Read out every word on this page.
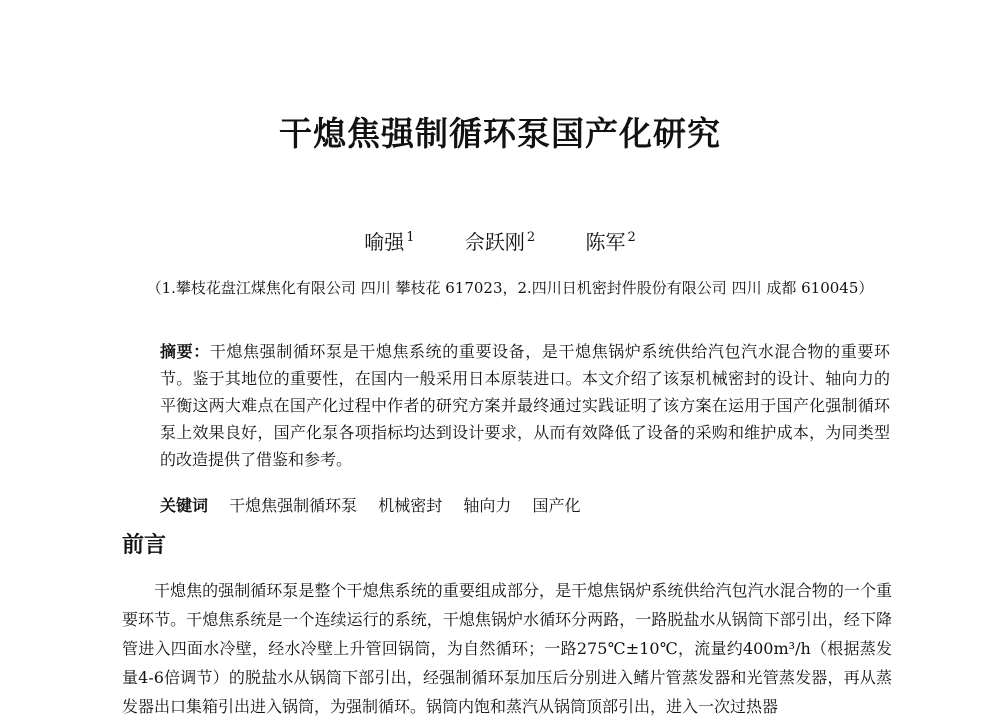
干熄焦强制循环泵国产化研究
喻强 $^1$	佘跃刚 $^2$	陈军 $^2$
（1.攀枝花盘江煤焦化有限公司 四川 攀枝花 617023，2.四川日机密封件股份有限公司 四川 成都 610045）
摘要：干熄焦强制循环泵是干熄焦系统的重要设备，是干熄焦锅炉系统供给汽包汽水混合物的重要环节。鉴于其地位的重要性，在国内一般采用日本原装进口。本文介绍了该泵机械密封的设计、轴向力的平衡这两大难点在国产化过程中作者的研究方案并最终通过实践证明了该方案在运用于国产化强制循环泵上效果良好，国产化泵各项指标均达到设计要求，从而有效降低了设备的采购和维护成本，为同类型的改造提供了借鉴和参考。
关键词 干熄焦强制循环泵 机械密封 轴向力 国产化
前言
干熄焦的强制循环泵是整个干熄焦系统的重要组成部分，是干熄焦锅炉系统供给汽包汽水混合物的一个重要环节。干熄焦系统是一个连续运行的系统，干熄焦锅炉水循环分两路，一路脱盐水从锅筒下部引出，经下降管进入四面水冷壁，经水冷壁上升管回锅筒，为自然循环；一路275℃±10℃，流量约400m³/h（根据蒸发量4-6倍调节）的脱盐水从锅筒下部引出，经强制循环泵加压后分别进入鳍片管蒸发器和光管蒸发器，再从蒸发器出口集箱引出进入锅筒，为强制循环。锅筒内饱和蒸汽从锅筒顶部引出，进入一次过热器
